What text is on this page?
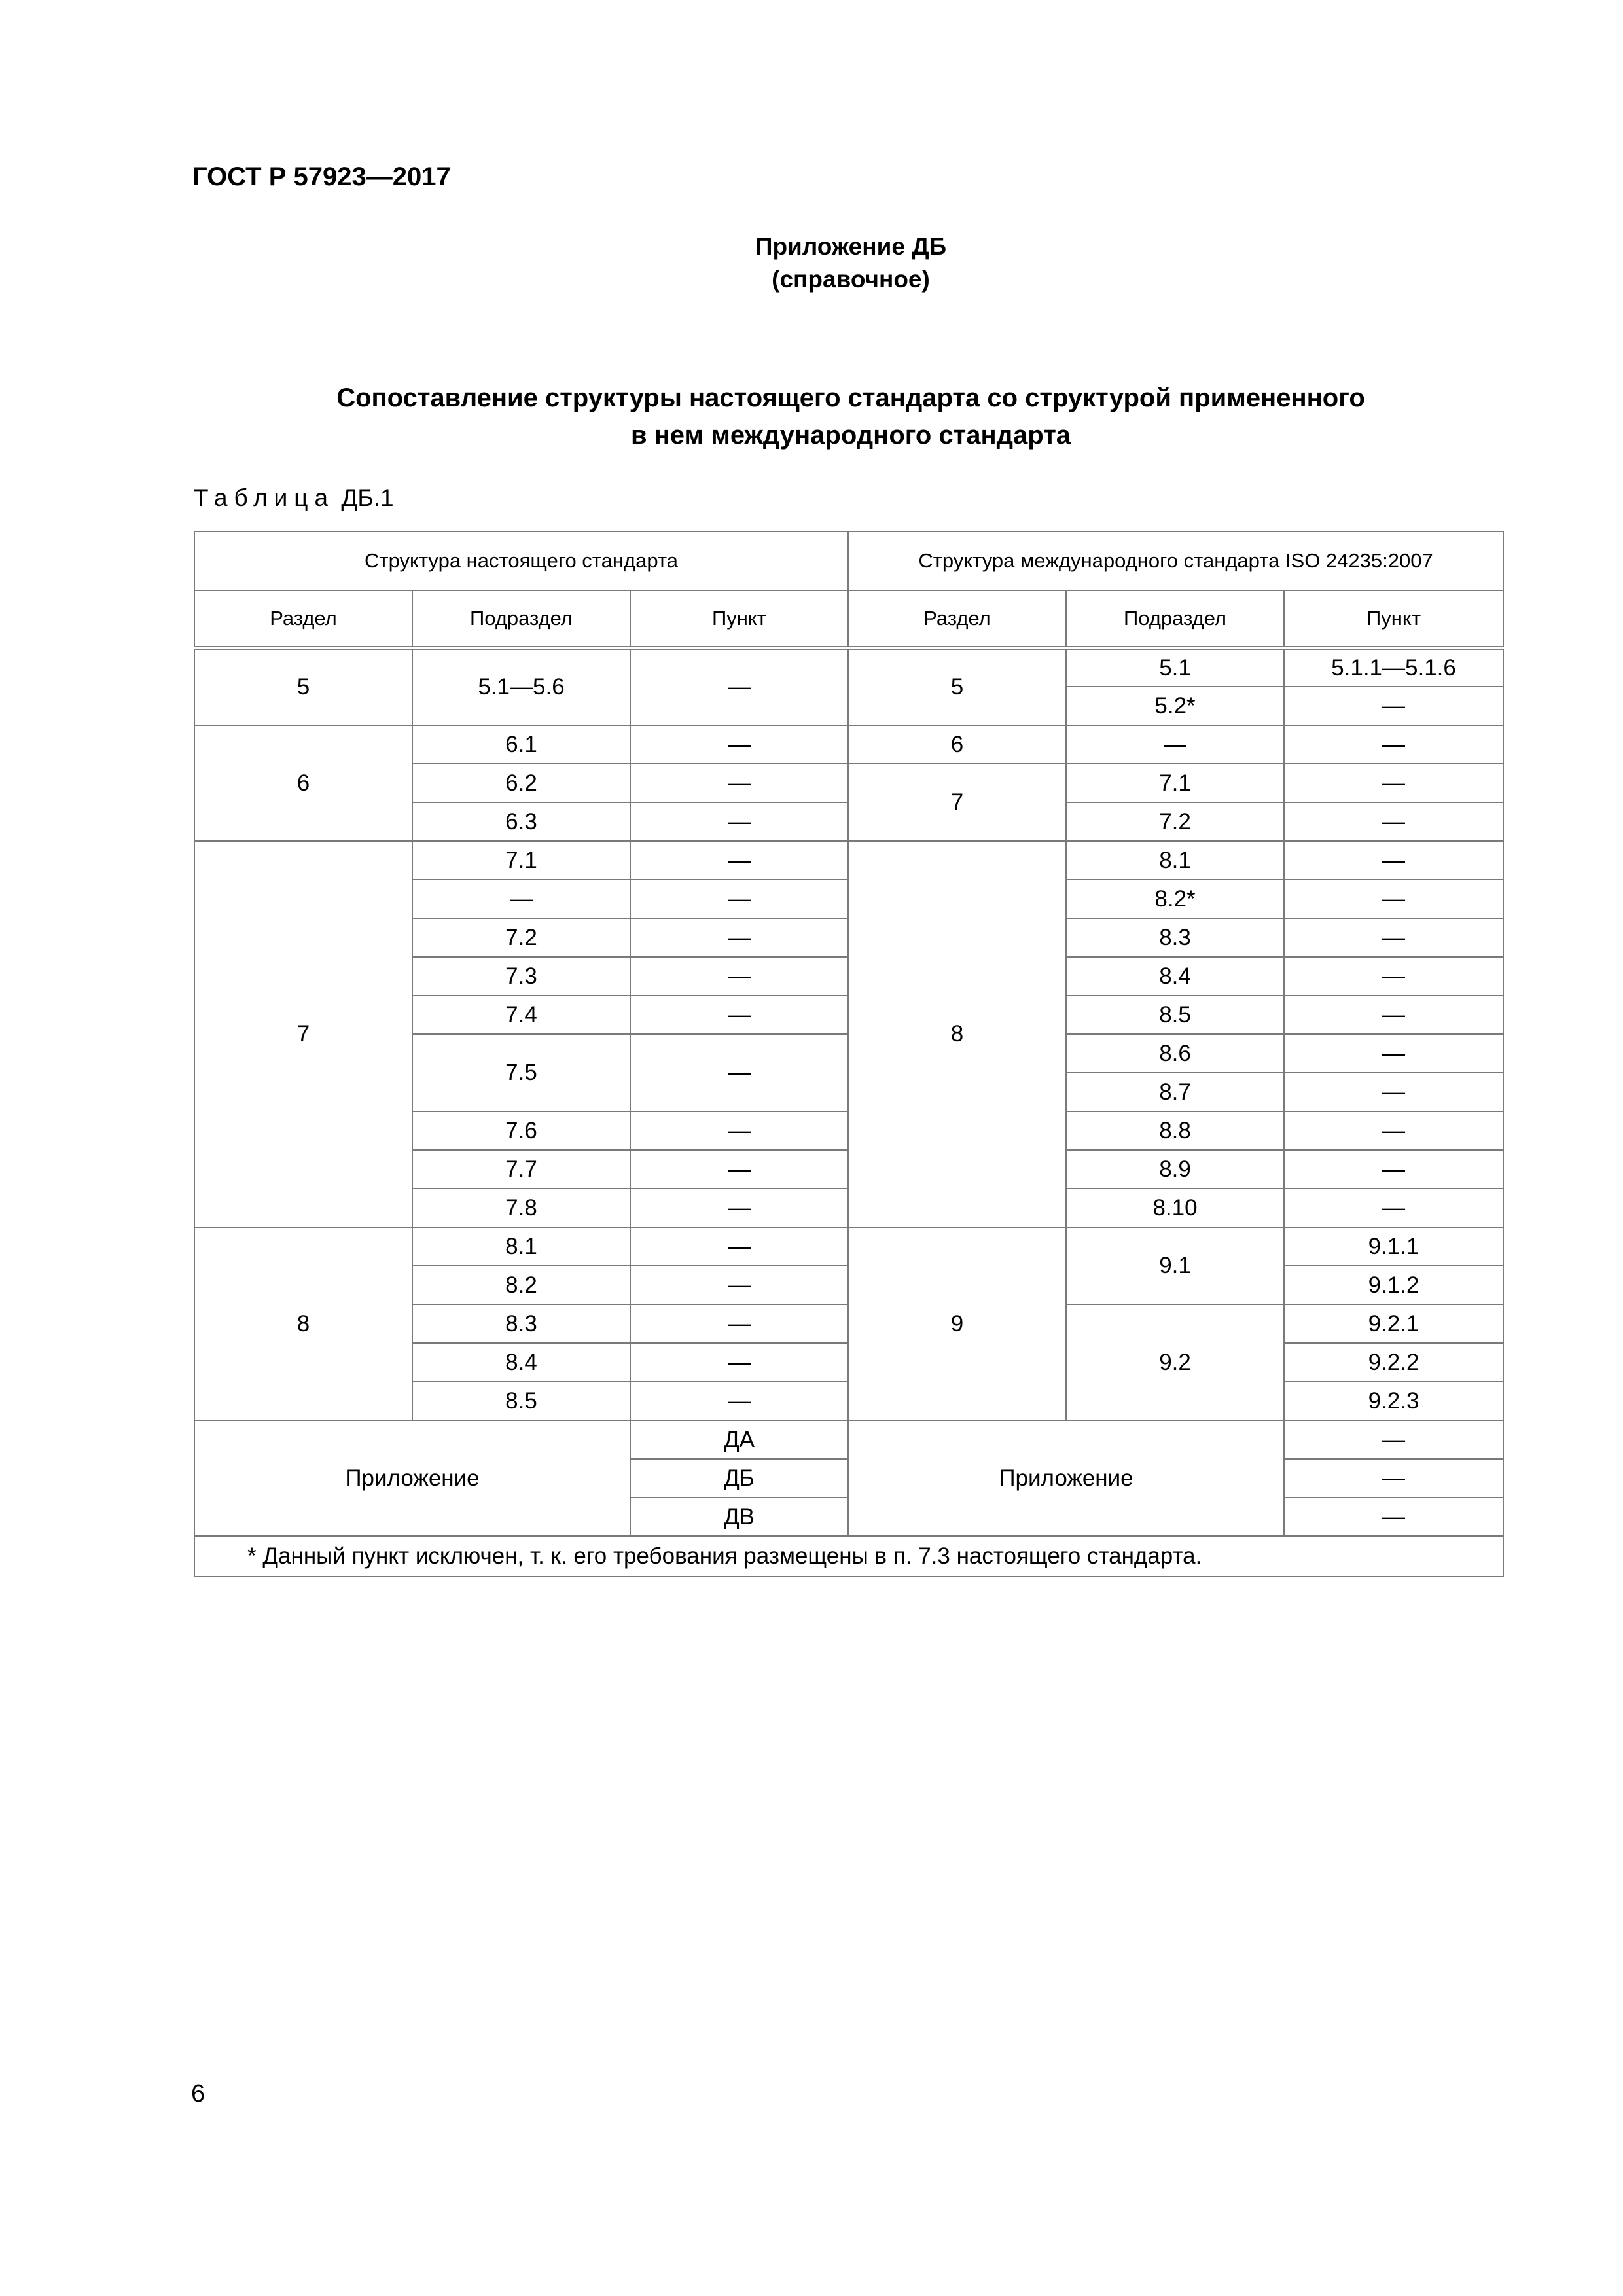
ГОСТ Р 57923—2017
Приложение ДБ
(справочное)
Сопоставление структуры настоящего стандарта со структурой примененного
в нем международного стандарта
Таблица ДБ.1
Структура настоящего стандарта			Структура международного стандарта ISO 24235:2007		
Раздел	Подраздел	Пункт	Раздел	Подраздел	Пункт
5	5.1—5.6	—	5	5.1	5.1.1—5.1.6
				5.2*	—
6	6.1	—	6	—	—
	6.2	—	7	7.1	—
	6.3	—		7.2	—
7	7.1	—	8	8.1	—
	—	—		8.2*	—
	7.2	—		8.3	—
	7.3	—		8.4	—
	7.4	—		8.5	—
	7.5	—		8.6	—
				8.7	—
	7.6	—		8.8	—
	7.7	—		8.9	—
	7.8	—		8.10	—
8	8.1	—	9	9.1	9.1.1
	8.2	—			9.1.2
	8.3	—		9.2	9.2.1
	8.4	—			9.2.2
	8.5	—			9.2.3
Приложение		ДА	Приложение		—
		ДБ			—
		ДВ			—
* Данный пункт исключен, т. к. его требования размещены в п. 7.3 настоящего стандарта.					
6
